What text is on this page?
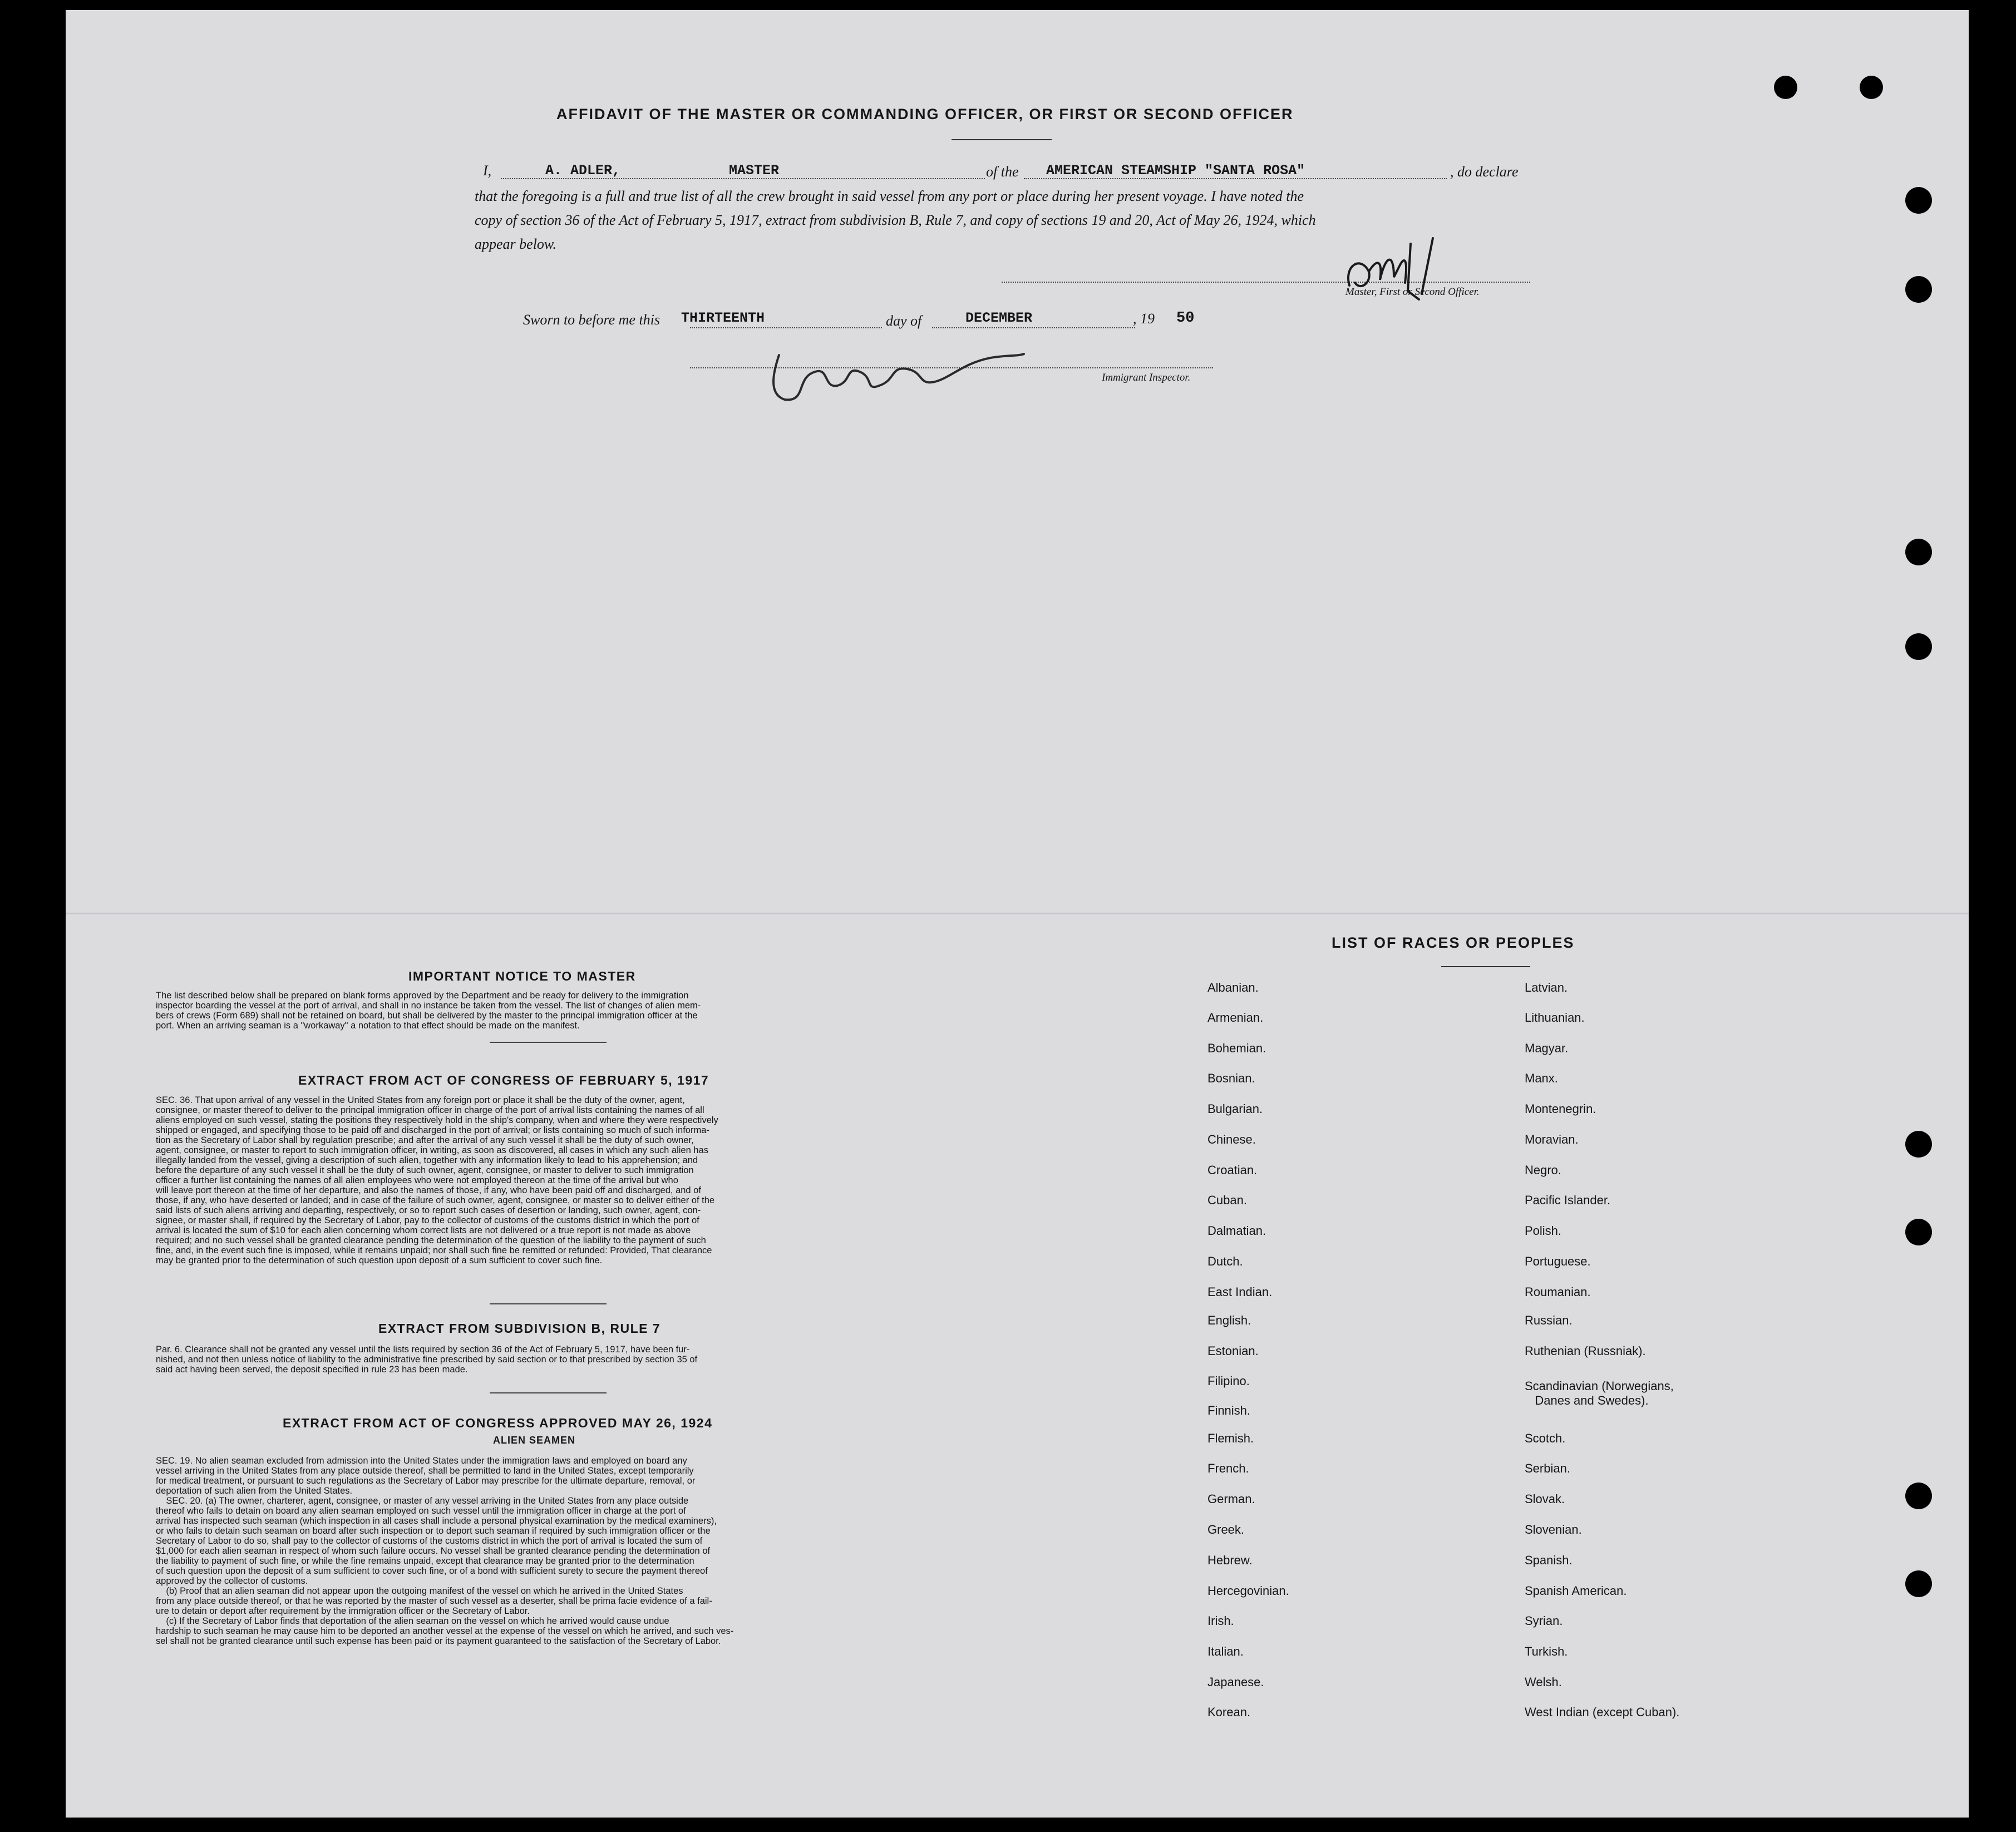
AFFIDAVIT OF THE MASTER OR COMMANDING OFFICER, OR FIRST OR SECOND OFFICER
I,	A. ADLER,	MASTER	of the AMERICAN STEAMSHIP "SANTA ROSA"	, do declare
that the foregoing is a full and true list of all the crew brought in said vessel from any port or place during her present voyage. I have noted the
copy of section 36 of the Act of February 5, 1917, extract from subdivision B, Rule 7, and copy of sections 19 and 20, Act of May 26, 1924, which
appear below.
Master, First or Second Officer.
Sworn to before me this THIRTEENTH	day of	DECEMBER	, 19 50
Immigrant Inspector.
IMPORTANT NOTICE TO MASTER
The list described below shall be prepared on blank forms approved by the Department and be ready for delivery to the immigration
inspector boarding the vessel at the port of arrival, and shall in no instance be taken from the vessel. The list of changes of alien mem-
bers of crews (Form 689) shall not be retained on board, but shall be delivered by the master to the principal immigration officer at the
port. When an arriving seaman is a "workaway" a notation to that effect should be made on the manifest.
EXTRACT FROM ACT OF CONGRESS OF FEBRUARY 5, 1917
SEC. 36. That upon arrival of any vessel in the United States from any foreign port or place it shall be the duty of the owner, agent,
consignee, or master thereof to deliver to the principal immigration officer in charge of the port of arrival lists containing the names of all
aliens employed on such vessel, stating the positions they respectively hold in the ship's company, when and where they were respectively
shipped or engaged, and specifying those to be paid off and discharged in the port of arrival; or lists containing so much of such informa-
tion as the Secretary of Labor shall by regulation prescribe; and after the arrival of any such vessel it shall be the duty of such owner,
agent, consignee, or master to report to such immigration officer, in writing, as soon as discovered, all cases in which any such alien has
illegally landed from the vessel, giving a description of such alien, together with any information likely to lead to his apprehension; and
before the departure of any such vessel it shall be the duty of such owner, agent, consignee, or master to deliver to such immigration
officer a further list containing the names of all alien employees who were not employed thereon at the time of the arrival but who
will leave port thereon at the time of her departure, and also the names of those, if any, who have been paid off and discharged, and of
those, if any, who have deserted or landed; and in case of the failure of such owner, agent, consignee, or master so to deliver either of the
said lists of such aliens arriving and departing, respectively, or so to report such cases of desertion or landing, such owner, agent, con-
signee, or master shall, if required by the Secretary of Labor, pay to the collector of customs of the customs district in which the port of
arrival is located the sum of $10 for each alien concerning whom correct lists are not delivered or a true report is not made as above
required; and no such vessel shall be granted clearance pending the determination of the question of the liability to the payment of such
fine, and, in the event such fine is imposed, while it remains unpaid; nor shall such fine be remitted or refunded: Provided, That clearance
may be granted prior to the determination of such question upon deposit of a sum sufficient to cover such fine.
EXTRACT FROM SUBDIVISION B, RULE 7
Par. 6. Clearance shall not be granted any vessel until the lists required by section 36 of the Act of February 5, 1917, have been fur-
nished, and not then unless notice of liability to the administrative fine prescribed by said section or to that prescribed by section 35 of
said act having been served, the deposit specified in rule 23 has been made.
EXTRACT FROM ACT OF CONGRESS APPROVED MAY 26, 1924
ALIEN SEAMEN
SEC. 19. No alien seaman excluded from admission into the United States under the immigration laws and employed on board any
vessel arriving in the United States from any place outside thereof, shall be permitted to land in the United States, except temporarily
for medical treatment, or pursuant to such regulations as the Secretary of Labor may prescribe for the ultimate departure, removal, or
deportation of such alien from the United States.
SEC. 20. (a) The owner, charterer, agent, consignee, or master of any vessel arriving in the United States from any place outside
thereof who fails to detain on board any alien seaman employed on such vessel until the immigration officer in charge at the port of
arrival has inspected such seaman (which inspection in all cases shall include a personal physical examination by the medical examiners),
or who fails to detain such seaman on board after such inspection or to deport such seaman if required by such immigration officer or the
Secretary of Labor to do so, shall pay to the collector of customs of the customs district in which the port of arrival is located the sum of
$1,000 for each alien seaman in respect of whom such failure occurs. No vessel shall be granted clearance pending the determination of
the liability to payment of such fine, or while the fine remains unpaid, except that clearance may be granted prior to the determination
of such question upon the deposit of a sum sufficient to cover such fine, or of a bond with sufficient surety to secure the payment thereof
approved by the collector of customs.
(b) Proof that an alien seaman did not appear upon the outgoing manifest of the vessel on which he arrived in the United States
from any place outside thereof, or that he was reported by the master of such vessel as a deserter, shall be prima facie evidence of a fail-
ure to detain or deport after requirement by the immigration officer or the Secretary of Labor.
(c) If the Secretary of Labor finds that deportation of the alien seaman on the vessel on which he arrived would cause undue
hardship to such seaman he may cause him to be deported an another vessel at the expense of the vessel on which he arrived, and such ves-
sel shall not be granted clearance until such expense has been paid or its payment guaranteed to the satisfaction of the Secretary of Labor.
LIST OF RACES OR PEOPLES
Albanian.
Armenian.
Bohemian.
Bosnian.
Bulgarian.
Chinese.
Croatian.
Cuban.
Dalmatian.
Dutch.
East Indian.
English.
Estonian.
Filipino.
Finnish.
Flemish.
French.
German.
Greek.
Hebrew.
Hercegovinian.
Irish.
Italian.
Japanese.
Korean.
Latvian.
Lithuanian.
Magyar.
Manx.
Montenegrin.
Moravian.
Negro.
Pacific Islander.
Polish.
Portuguese.
Roumanian.
Russian.
Ruthenian (Russniak).
Scandinavian (Norwegians,
Danes and Swedes).
Scotch.
Serbian.
Slovak.
Slovenian.
Spanish.
Spanish American.
Syrian.
Turkish.
Welsh.
West Indian (except Cuban).
